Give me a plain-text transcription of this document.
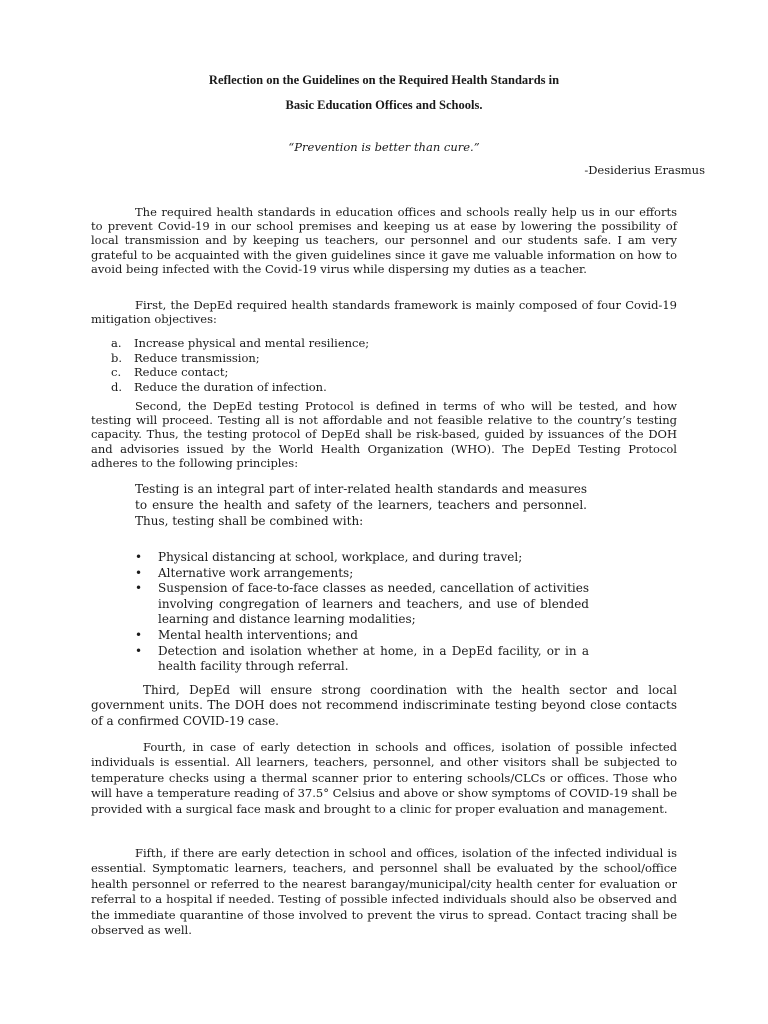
Reflection on the Guidelines on the Required Health Standards in
Basic Education Offices and Schools.
“Prevention is better than cure.”
-Desiderius Erasmus

The required health standards in education offices and schools really help us in our efforts to prevent Covid-19 in our school premises and keeping us at ease by lowering the possibility of local transmission and by keeping us teachers, our personnel and our students safe. I am very grateful to be acquainted with the given guidelines since it gave me valuable information on how to avoid being infected with the Covid-19 virus while dispersing my duties as a teacher.

First, the DepEd required health standards framework is mainly composed of four Covid-19 mitigation objectives:

a. Increase physical and mental resilience;
b. Reduce transmission;
c. Reduce contact;
d. Reduce the duration of infection.

Second, the DepEd testing Protocol is defined in terms of who will be tested, and how testing will proceed. Testing all is not affordable and not feasible relative to the country’s testing capacity. Thus, the testing protocol of DepEd shall be risk-based, guided by issuances of the DOH and advisories issued by the World Health Organization (WHO). The DepEd Testing Protocol adheres to the following principles:

Testing is an integral part of inter-related health standards and measures to ensure the health and safety of the learners, teachers and personnel. Thus, testing shall be combined with:

• Physical distancing at school, workplace, and during travel;
• Alternative work arrangements;
• Suspension of face-to-face classes as needed, cancellation of activities involving congregation of learners and teachers, and use of blended learning and distance learning modalities;
• Mental health interventions; and
• Detection and isolation whether at home, in a DepEd facility, or in a health facility through referral.

Third, DepEd will ensure strong coordination with the health sector and local government units. The DOH does not recommend indiscriminate testing beyond close contacts of a confirmed COVID-19 case.

Fourth, in case of early detection in schools and offices, isolation of possible infected individuals is essential. All learners, teachers, personnel, and other visitors shall be subjected to temperature checks using a thermal scanner prior to entering schools/CLCs or offices. Those who will have a temperature reading of 37.5° Celsius and above or show symptoms of COVID-19 shall be provided with a surgical face mask and brought to a clinic for proper evaluation and management.

Fifth, if there are early detection in school and offices, isolation of the infected individual is essential. Symptomatic learners, teachers, and personnel shall be evaluated by the school/office health personnel or referred to the nearest barangay/municipal/city health center for evaluation or referral to a hospital if needed. Testing of possible infected individuals should also be observed and the immediate quarantine of those involved to prevent the virus to spread. Contact tracing shall be observed as well.
